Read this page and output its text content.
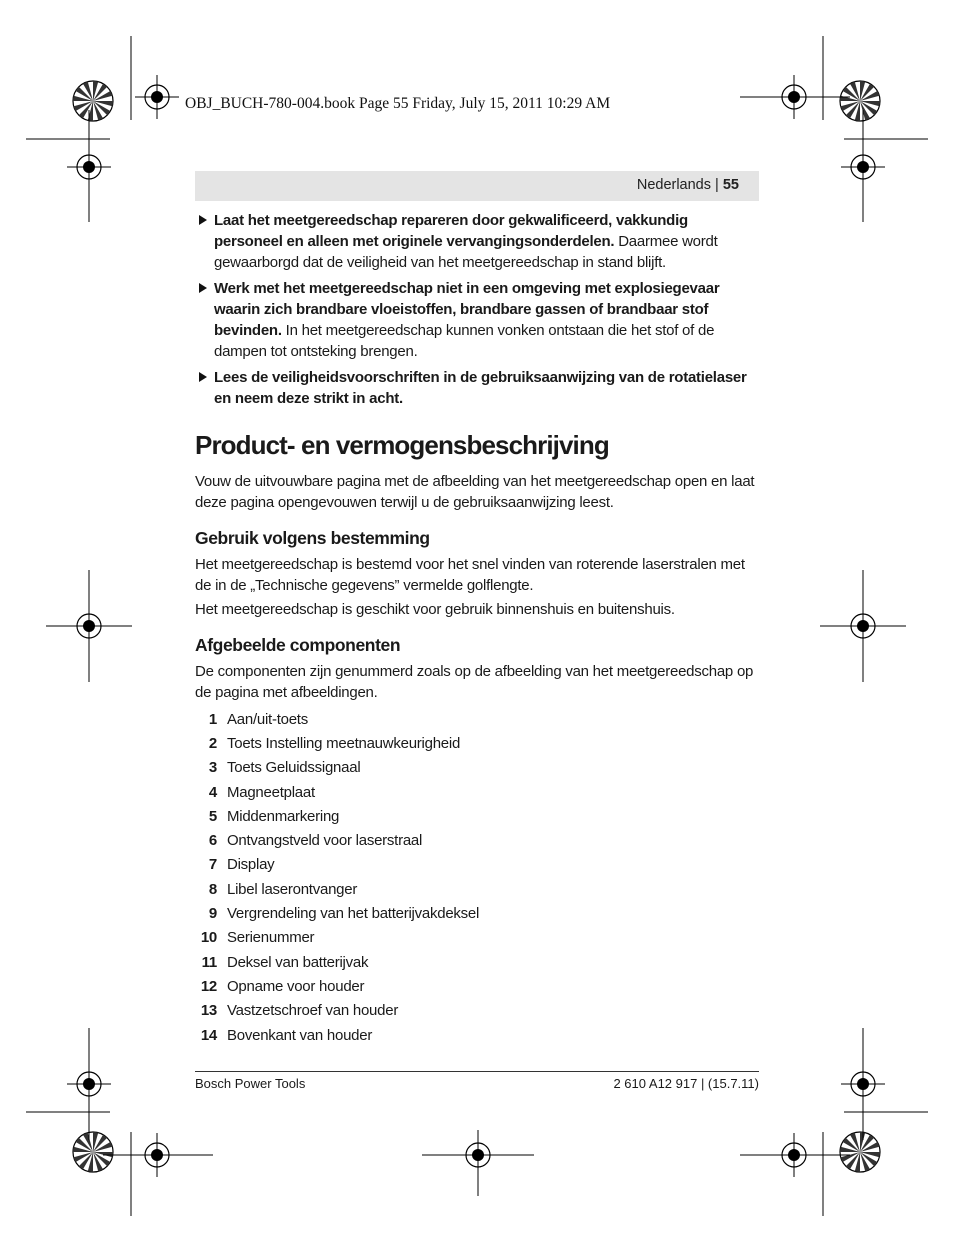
OBJ_BUCH-780-004.book Page 55 Friday, July 15, 2011 10:29 AM
Nederlands | 55
Laat het meetgereedschap repareren door gekwalificeerd, vakkundig personeel en alleen met originele vervangingsonderdelen. Daarmee wordt gewaarborgd dat de veiligheid van het meetgereedschap in stand blijft.
Werk met het meetgereedschap niet in een omgeving met explosiegevaar waarin zich brandbare vloeistoffen, brandbare gassen of brandbaar stof bevinden. In het meetgereedschap kunnen vonken ontstaan die het stof of de dampen tot ontsteking brengen.
Lees de veiligheidsvoorschriften in de gebruiksaanwijzing van de rotatielaser en neem deze strikt in acht.
Product- en vermogensbeschrijving

Vouw de uitvouwbare pagina met de afbeelding van het meetgereedschap open en laat deze pagina opengevouwen terwijl u de gebruiksaanwijzing leest.

Gebruik volgens bestemming

Het meetgereedschap is bestemd voor het snel vinden van roterende laserstralen met de in de „Technische gegevens” vermelde golflengte.

Het meetgereedschap is geschikt voor gebruik binnenshuis en buitenshuis.

Afgebeelde componenten

De componenten zijn genummerd zoals op de afbeelding van het meetgereedschap op de pagina met afbeeldingen.

1 Aan/uit-toets
2 Toets Instelling meetnauwkeurigheid
3 Toets Geluidssignaal
4 Magneetplaat
5 Middenmarkering
6 Ontvangstveld voor laserstraal
7 Display
8 Libel laserontvanger
9 Vergrendeling van het batterijvakdeksel
10 Serienummer
11 Deksel van batterijvak
12 Opname voor houder
13 Vastzetschroef van houder
14 Bovenkant van houder
Bosch Power Tools	2 610 A12 917 | (15.7.11)
